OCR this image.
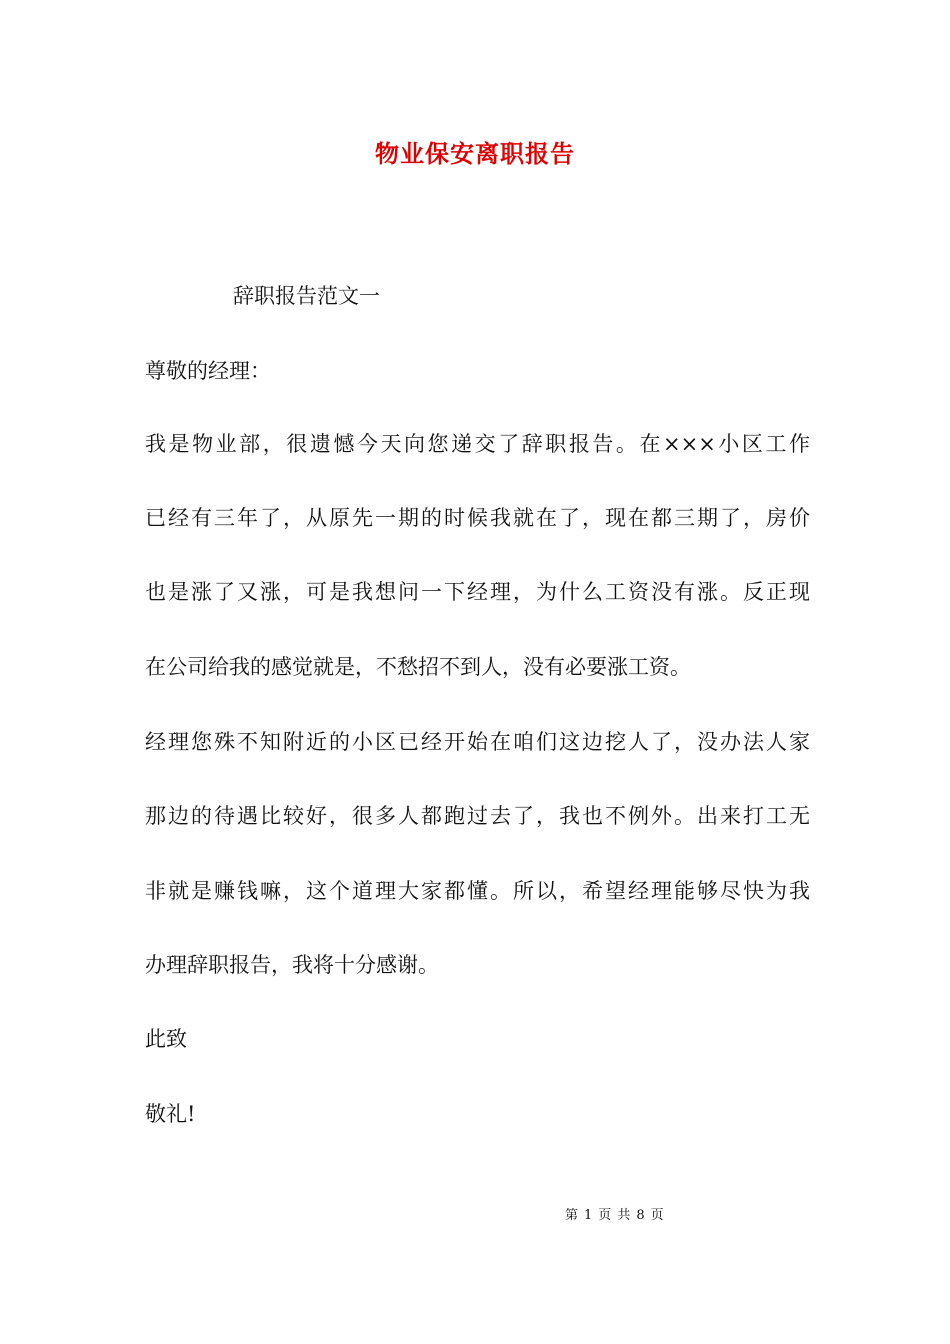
物业保安离职报告
辞职报告范文一
尊敬的经理：
我是物业部，很遗憾今天向您递交了辞职报告。在×××小区工作
已经有三年了，从原先一期的时候我就在了，现在都三期了，房价
也是涨了又涨，可是我想问一下经理，为什么工资没有涨。反正现
在公司给我的感觉就是，不愁招不到人，没有必要涨工资。
经理您殊不知附近的小区已经开始在咱们这边挖人了，没办法人家
那边的待遇比较好，很多人都跑过去了，我也不例外。出来打工无
非就是赚钱嘛，这个道理大家都懂。所以，希望经理能够尽快为我
办理辞职报告，我将十分感谢。
此致
敬礼!
第 1 页 共 8 页
